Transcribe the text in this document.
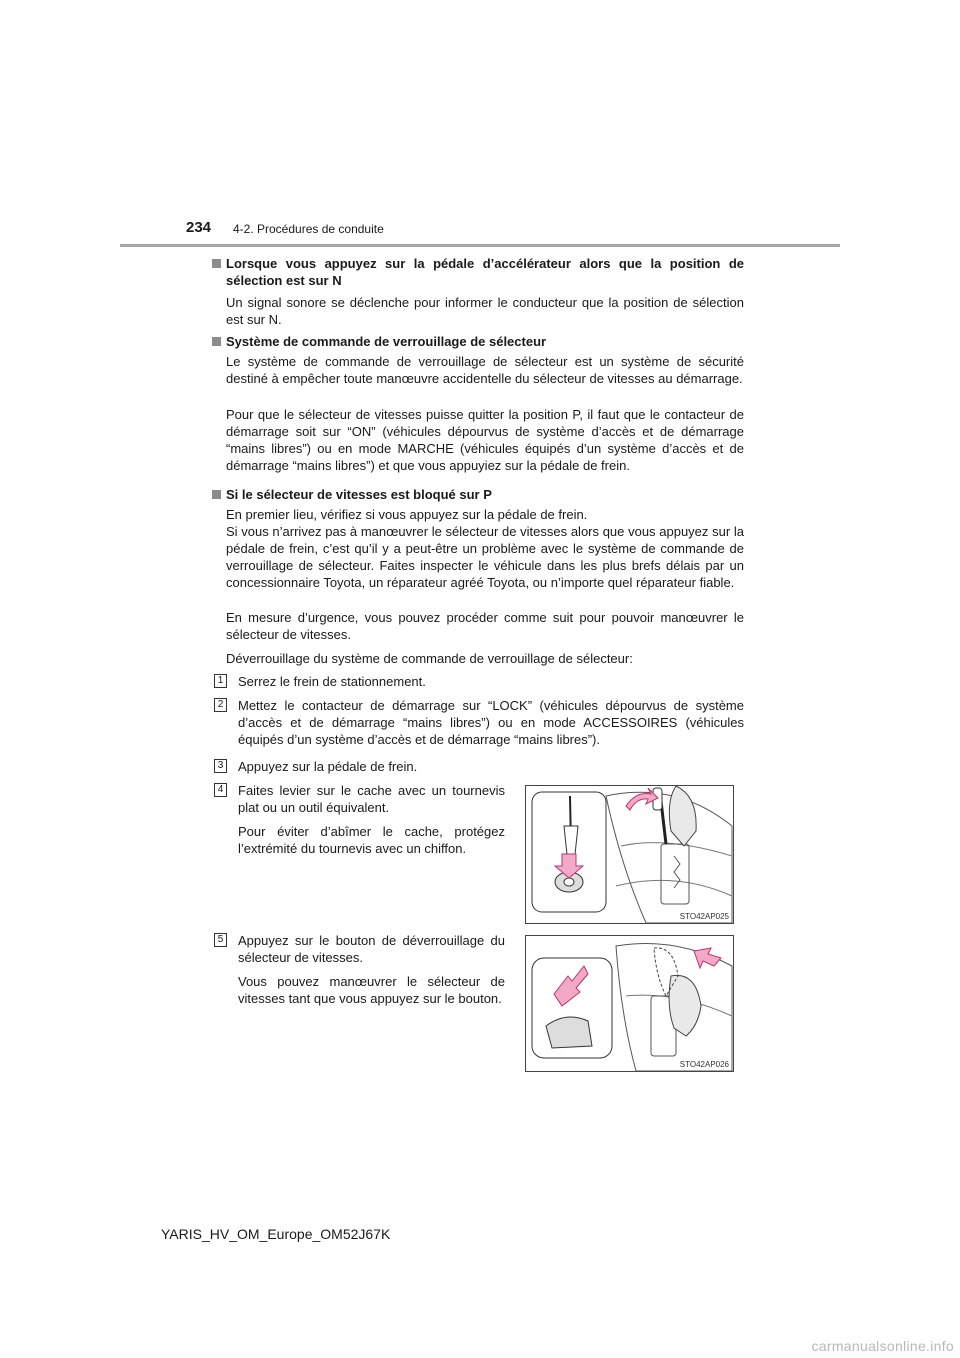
234 4-2. Procédures de conduite
Lorsque vous appuyez sur la pédale d’accélérateur alors que la position de sélection est sur N
Un signal sonore se déclenche pour informer le conducteur que la position de sélection est sur N.
Système de commande de verrouillage de sélecteur
Le système de commande de verrouillage de sélecteur est un système de sécurité destiné à empêcher toute manœuvre accidentelle du sélecteur de vitesses au démarrage.
Pour que le sélecteur de vitesses puisse quitter la position P, il faut que le contacteur de démarrage soit sur “ON” (véhicules dépourvus de système d’accès et de démarrage “mains libres”) ou en mode MARCHE (véhicules équipés d’un système d’accès et de démarrage “mains libres”) et que vous appuyiez sur la pédale de frein.
Si le sélecteur de vitesses est bloqué sur P
En premier lieu, vérifiez si vous appuyez sur la pédale de frein.
Si vous n’arrivez pas à manœuvrer le sélecteur de vitesses alors que vous appuyez sur la pédale de frein, c’est qu’il y a peut-être un problème avec le système de commande de verrouillage de sélecteur. Faites inspecter le véhicule dans les plus brefs délais par un concessionnaire Toyota, un réparateur agréé Toyota, ou n’importe quel réparateur fiable.
En mesure d’urgence, vous pouvez procéder comme suit pour pouvoir manœuvrer le sélecteur de vitesses.
Déverrouillage du système de commande de verrouillage de sélecteur:
1 Serrez le frein de stationnement.
2 Mettez le contacteur de démarrage sur “LOCK” (véhicules dépourvus de système d’accès et de démarrage “mains libres”) ou en mode ACCESSOIRES (véhicules équipés d’un système d’accès et de démarrage “mains libres”).
3 Appuyez sur la pédale de frein.
4 Faites levier sur le cache avec un tournevis plat ou un outil équivalent.
Pour éviter d’abîmer le cache, protégez l’extrémité du tournevis avec un chiffon.
5 Appuyez sur le bouton de déverrouillage du sélecteur de vitesses.
Vous pouvez manœuvrer le sélecteur de vitesses tant que vous appuyez sur le bouton.
STO42AP025
STO42AP026
YARIS_HV_OM_Europe_OM52J67K
carmanualsonline.info
